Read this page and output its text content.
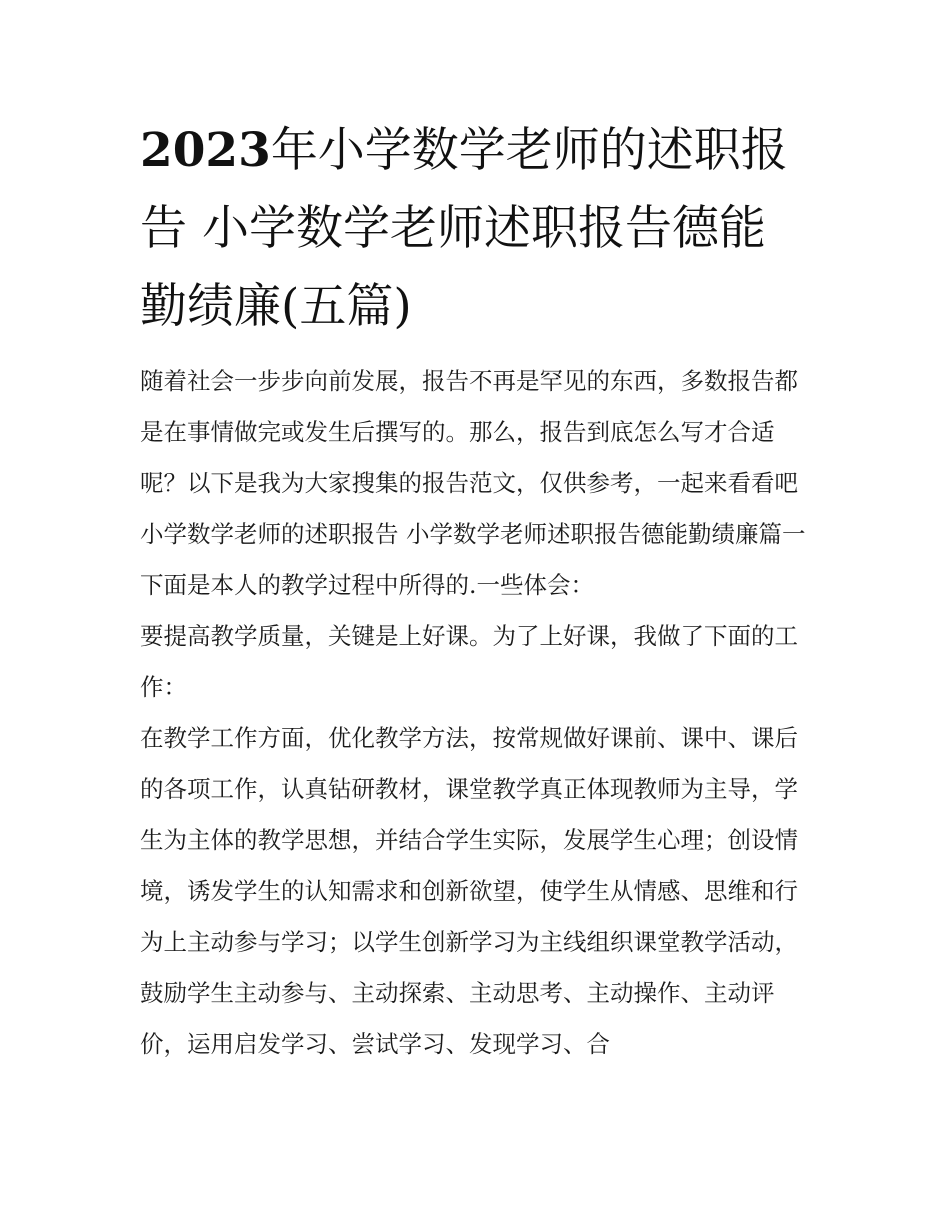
2023年小学数学老师的述职报告 小学数学老师述职报告德能勤绩廉(五篇)

随着社会一步步向前发展，报告不再是罕见的东西，多数报告都是在事情做完或发生后撰写的。那么，报告到底怎么写才合适呢？以下是我为大家搜集的报告范文，仅供参考，一起来看看吧

小学数学老师的述职报告 小学数学老师述职报告德能勤绩廉篇一 下面是本人的教学过程中所得的.一些体会：

要提高教学质量，关键是上好课。为了上好课，我做了下面的工作：

在教学工作方面，优化教学方法，按常规做好课前、课中、课后的各项工作，认真钻研教材，课堂教学真正体现教师为主导，学生为主体的教学思想，并结合学生实际，发展学生心理；创设情境，诱发学生的认知需求和创新欲望，使学生从情感、思维和行为上主动参与学习；以学生创新学习为主线组织课堂教学活动，鼓励学生主动参与、主动探索、主动思考、主动操作、主动评价，运用启发学习、尝试学习、发现学习、合
